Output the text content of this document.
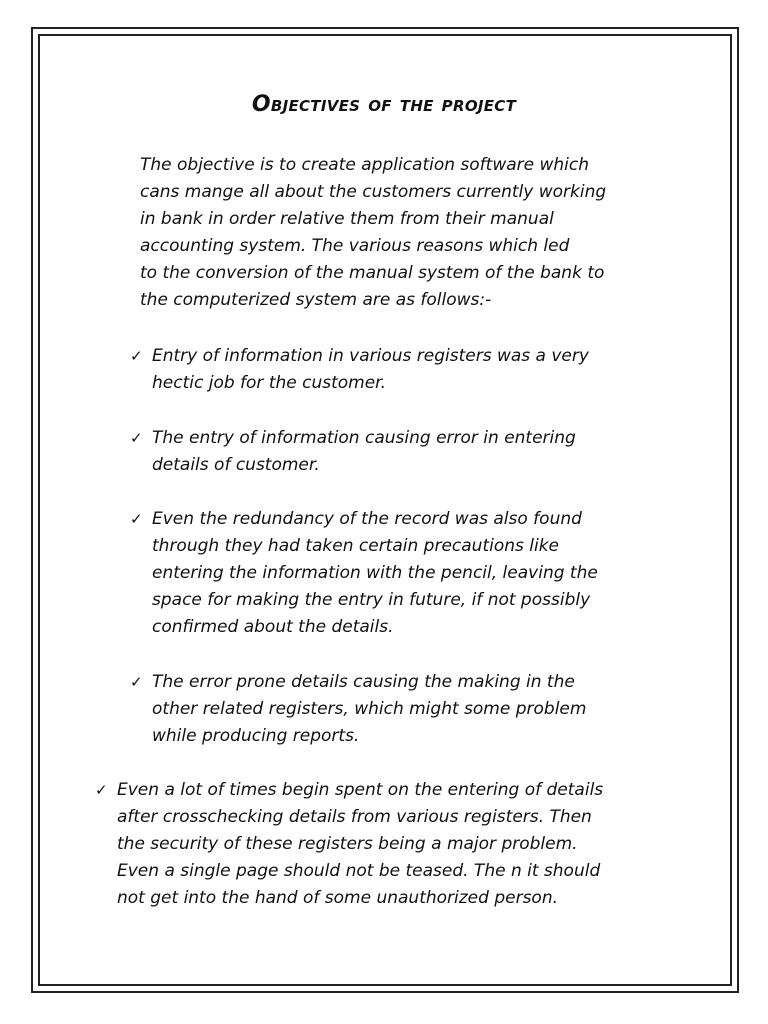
Objectives of the project

The objective is to create application software which
cans mange all about the customers currently working
in bank in order relative them from their manual
accounting system. The various reasons which led
to the conversion of the manual system of the bank to
the computerized system are as follows:-

✓ Entry of information in various registers was a very
hectic job for the customer.
✓ The entry of information causing error in entering
details of customer.
✓ Even the redundancy of the record was also found
through they had taken certain precautions like
entering the information with the pencil, leaving the
space for making the entry in future, if not possibly
confirmed about the details.
✓ The error prone details causing the making in the
other related registers, which might some problem
while producing reports.
✓ Even a lot of times begin spent on the entering of details
after crosschecking details from various registers. Then
the security of these registers being a major problem.
Even a single page should not be teased. The n it should
not get into the hand of some unauthorized person.
